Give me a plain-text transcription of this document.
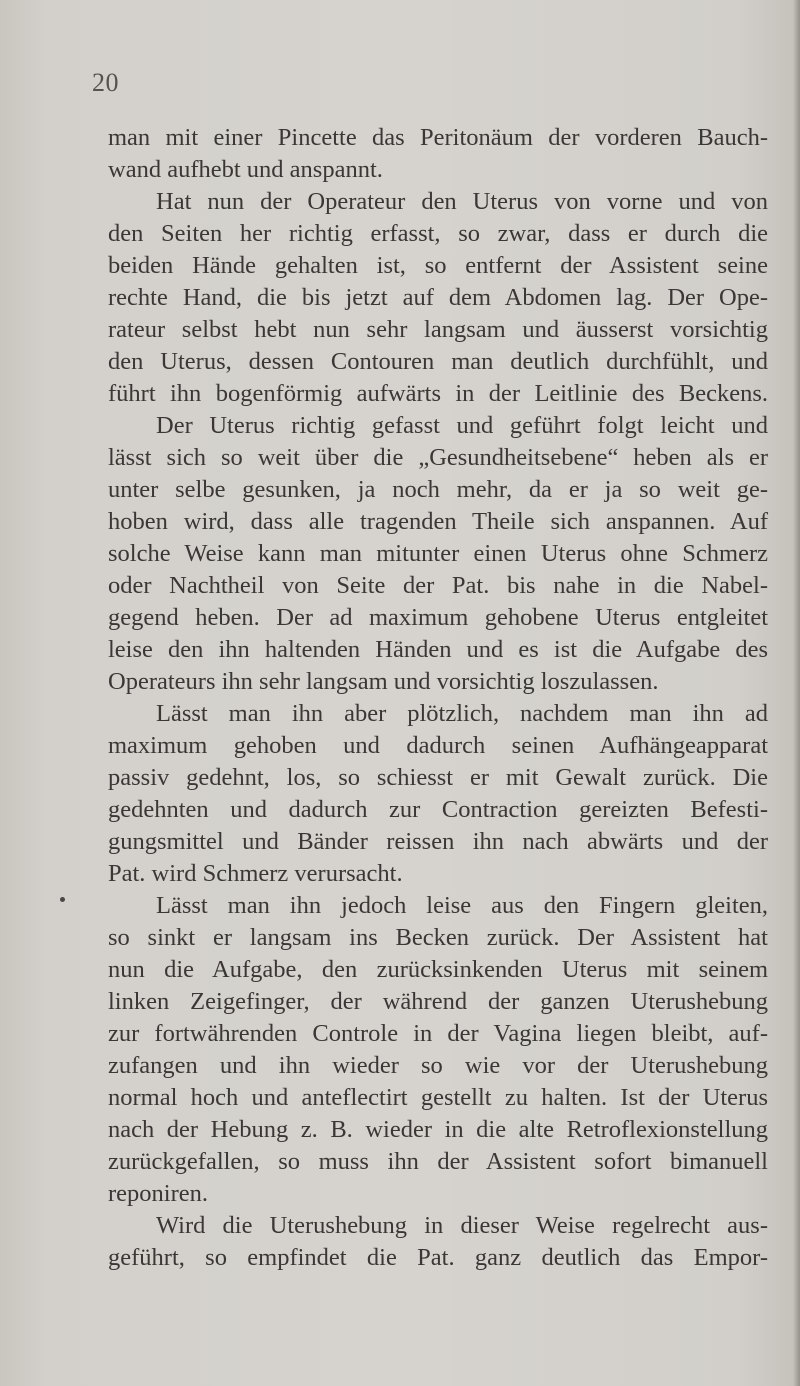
20
man mit einer Pincette das Peritonäum der vorderen Bauch-
wand aufhebt und anspannt.
Hat nun der Operateur den Uterus von vorne und von
den Seiten her richtig erfasst, so zwar, dass er durch die
beiden Hände gehalten ist, so entfernt der Assistent seine
rechte Hand, die bis jetzt auf dem Abdomen lag. Der Ope-
rateur selbst hebt nun sehr langsam und äusserst vorsichtig
den Uterus, dessen Contouren man deutlich durchfühlt, und
führt ihn bogenförmig aufwärts in der Leitlinie des Beckens.
Der Uterus richtig gefasst und geführt folgt leicht und
lässt sich so weit über die „Gesundheitsebene“ heben als er
unter selbe gesunken, ja noch mehr, da er ja so weit ge-
hoben wird, dass alle tragenden Theile sich anspannen. Auf
solche Weise kann man mitunter einen Uterus ohne Schmerz
oder Nachtheil von Seite der Pat. bis nahe in die Nabel-
gegend heben. Der ad maximum gehobene Uterus entgleitet
leise den ihn haltenden Händen und es ist die Aufgabe des
Operateurs ihn sehr langsam und vorsichtig loszulassen.
Lässt man ihn aber plötzlich, nachdem man ihn ad
maximum gehoben und dadurch seinen Aufhängeapparat
passiv gedehnt, los, so schiesst er mit Gewalt zurück. Die
gedehnten und dadurch zur Contraction gereizten Befesti-
gungsmittel und Bänder reissen ihn nach abwärts und der
Pat. wird Schmerz verursacht.
Lässt man ihn jedoch leise aus den Fingern gleiten,
so sinkt er langsam ins Becken zurück. Der Assistent hat
nun die Aufgabe, den zurücksinkenden Uterus mit seinem
linken Zeigefinger, der während der ganzen Uterushebung
zur fortwährenden Controle in der Vagina liegen bleibt, auf-
zufangen und ihn wieder so wie vor der Uterushebung
normal hoch und anteflectirt gestellt zu halten. Ist der Uterus
nach der Hebung z. B. wieder in die alte Retroflexionstellung
zurückgefallen, so muss ihn der Assistent sofort bimanuell
reponiren.
Wird die Uterushebung in dieser Weise regelrecht aus-
geführt, so empfindet die Pat. ganz deutlich das Empor-
